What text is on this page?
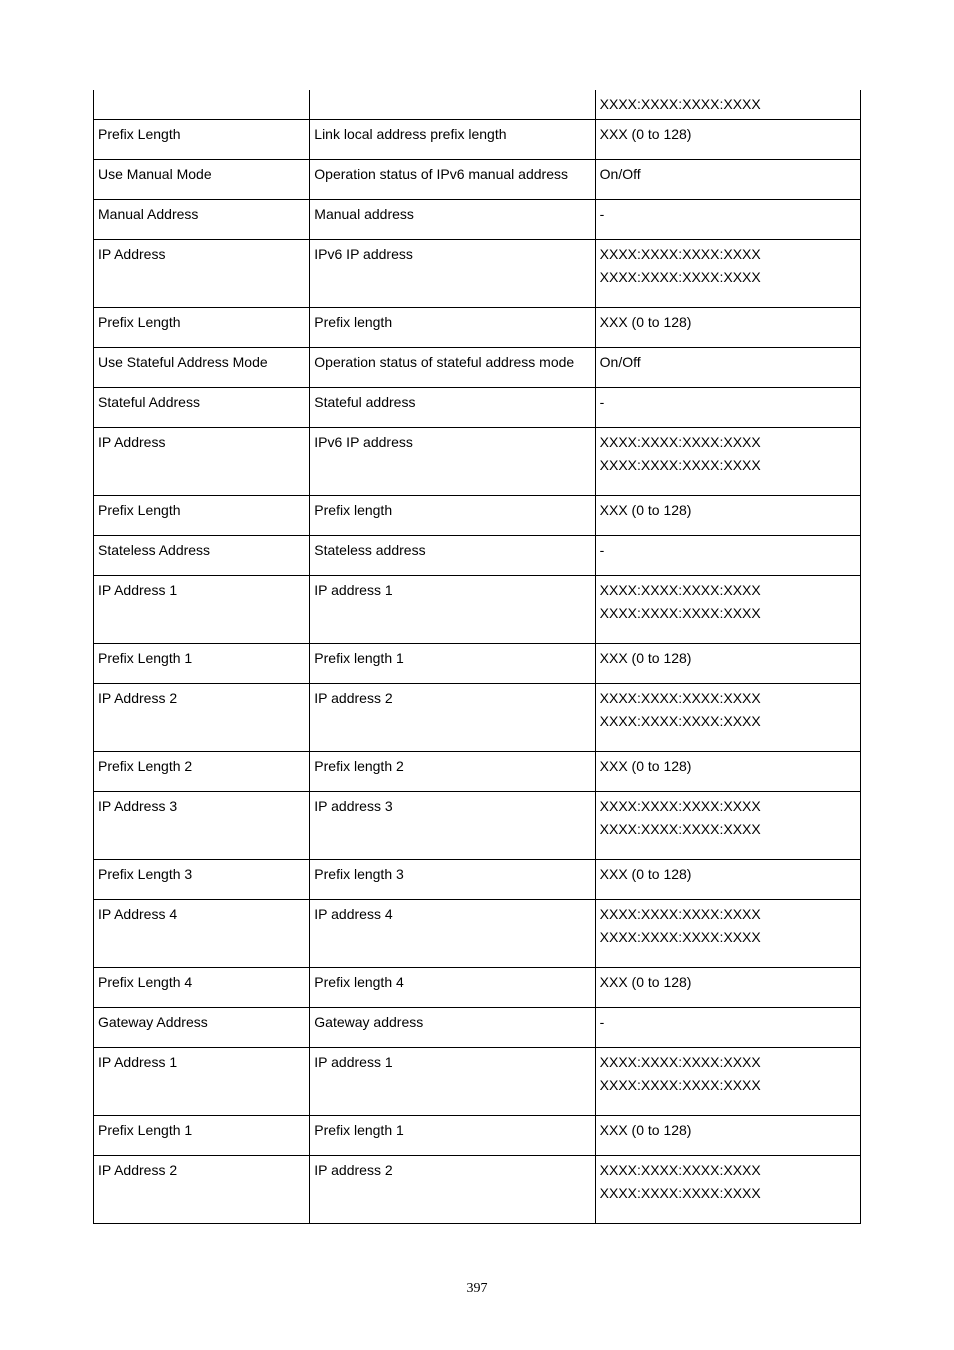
		XXXX:XXXX:XXXX:XXXX

Prefix Length	Link local address prefix length	XXX (0 to 128)

Use Manual Mode	Operation status of IPv6 manual address	On/Off

Manual Address	Manual address	-

IP Address	IPv6 IP address	XXXX:XXXX:XXXX:XXXX
XXXX:XXXX:XXXX:XXXX

Prefix Length	Prefix length	XXX (0 to 128)

Use Stateful Address Mode	Operation status of stateful address mode	On/Off

Stateful Address	Stateful address	-

IP Address	IPv6 IP address	XXXX:XXXX:XXXX:XXXX
XXXX:XXXX:XXXX:XXXX

Prefix Length	Prefix length	XXX (0 to 128)

Stateless Address	Stateless address	-

IP Address 1	IP address 1	XXXX:XXXX:XXXX:XXXX
XXXX:XXXX:XXXX:XXXX

Prefix Length 1	Prefix length 1	XXX (0 to 128)

IP Address 2	IP address 2	XXXX:XXXX:XXXX:XXXX
XXXX:XXXX:XXXX:XXXX

Prefix Length 2	Prefix length 2	XXX (0 to 128)

IP Address 3	IP address 3	XXXX:XXXX:XXXX:XXXX
XXXX:XXXX:XXXX:XXXX

Prefix Length 3	Prefix length 3	XXX (0 to 128)

IP Address 4	IP address 4	XXXX:XXXX:XXXX:XXXX
XXXX:XXXX:XXXX:XXXX

Prefix Length 4	Prefix length 4	XXX (0 to 128)

Gateway Address	Gateway address	-

IP Address 1	IP address 1	XXXX:XXXX:XXXX:XXXX
XXXX:XXXX:XXXX:XXXX

Prefix Length 1	Prefix length 1	XXX (0 to 128)

IP Address 2	IP address 2	XXXX:XXXX:XXXX:XXXX
XXXX:XXXX:XXXX:XXXX
397
